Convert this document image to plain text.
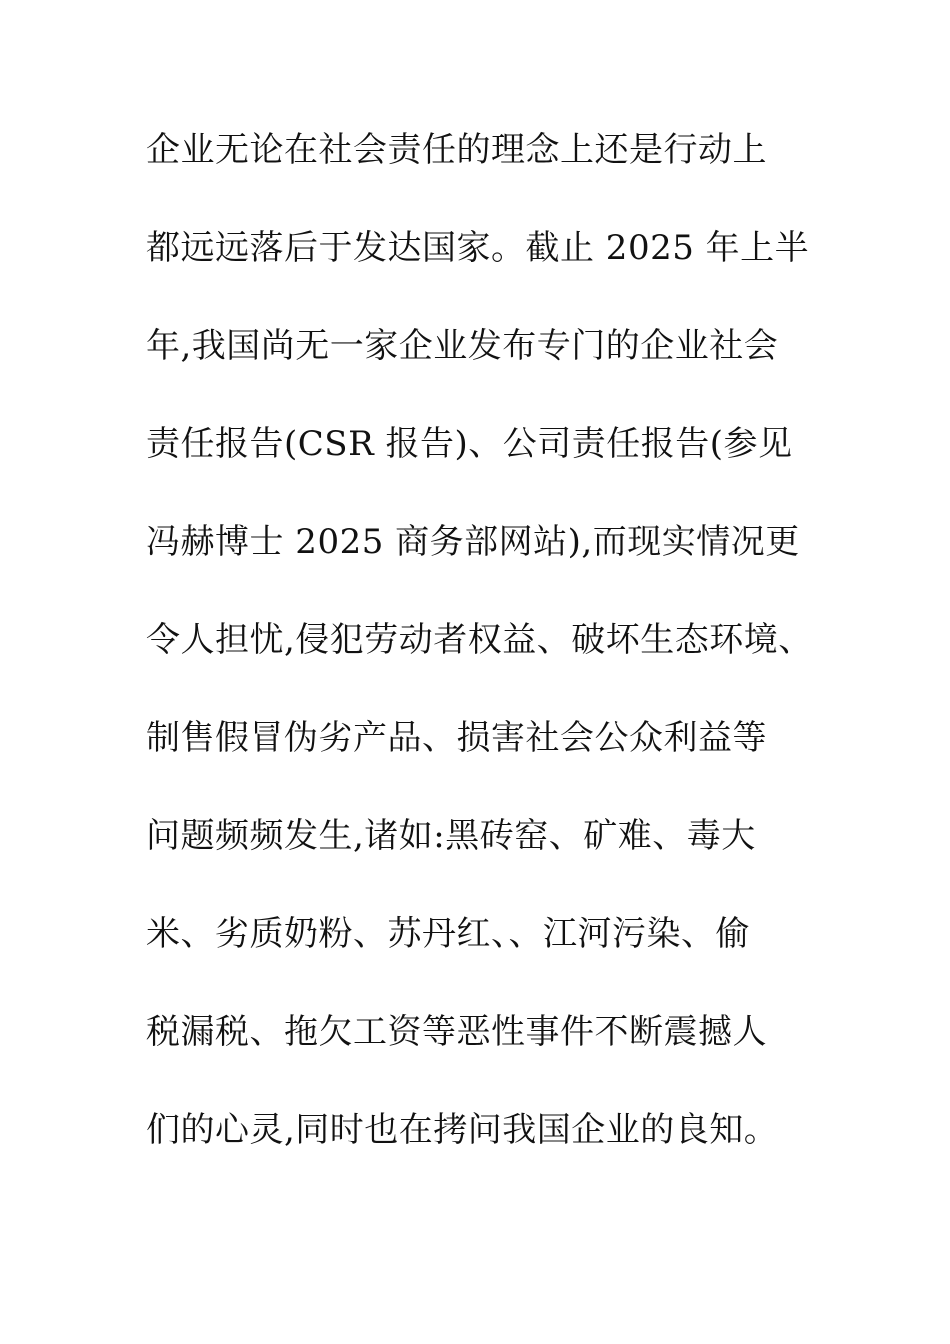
企业无论在社会责任的理念上还是行动上
都远远落后于发达国家。截止 2025 年上半
年,我国尚无一家企业发布专门的企业社会
责任报告(CSR 报告)、公司责任报告(参见
冯赫博士 2025 商务部网站),而现实情况更
令人担忧,侵犯劳动者权益、破坏生态环境、
制售假冒伪劣产品、损害社会公众利益等
问题频频发生,诸如:黑砖窑、矿难、毒大
米、劣质奶粉、苏丹红、、江河污染、偷
税漏税、拖欠工资等恶性事件不断震撼人
们的心灵,同时也在拷问我国企业的良知。
